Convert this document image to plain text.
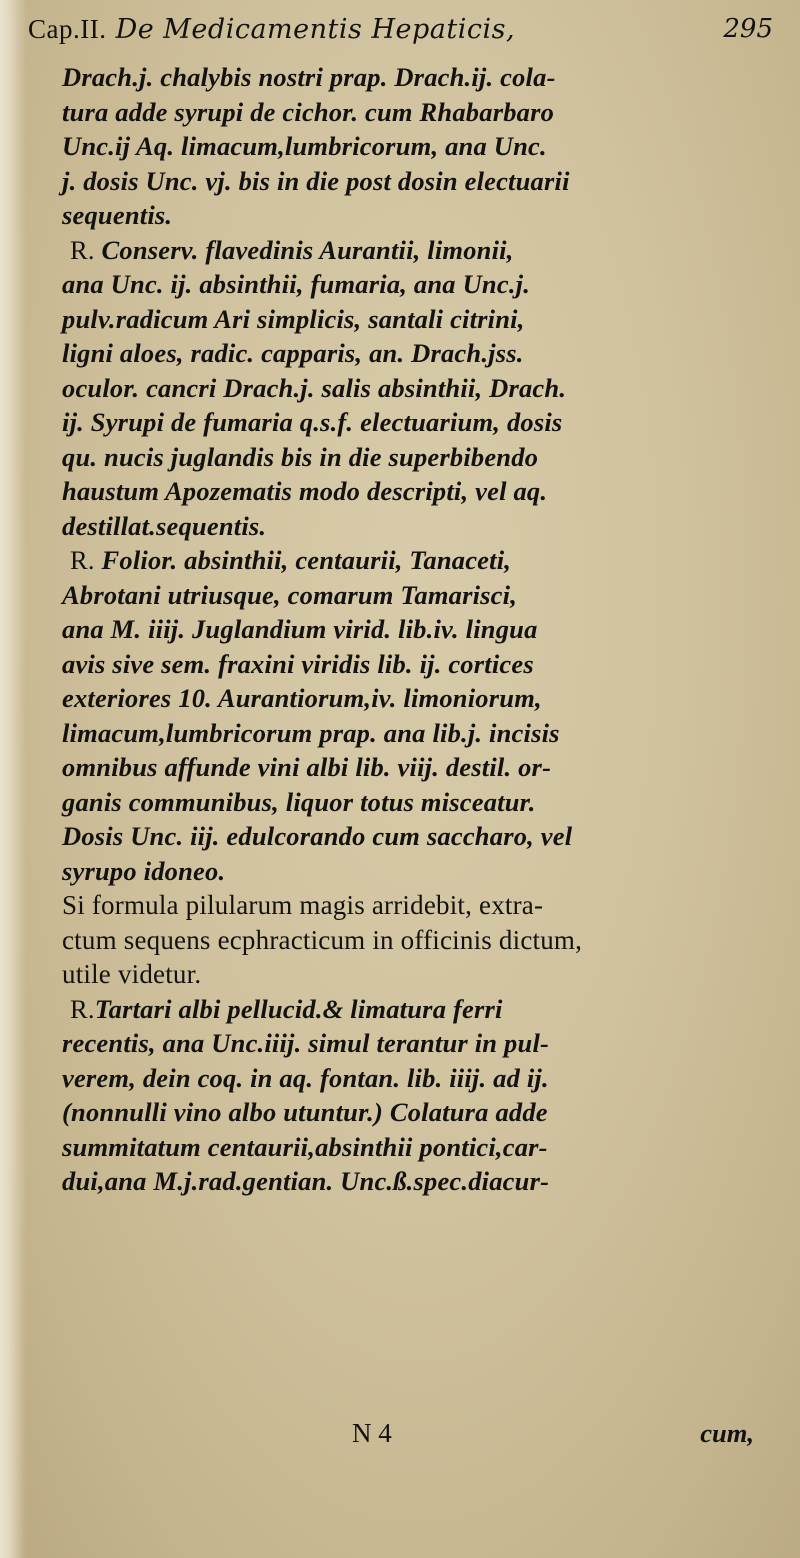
Cap.II. De Medicamentis Hepaticis,	295
Drach.j. chalybis nostri prap. Drach.ij. cola-
tura adde syrupi de cichor. cum Rhabarbaro
Unc.ij Aq. limacum,lumbricorum, ana Unc.
j. dosis Unc. vj. bis in die post dosin electuarii
sequentis.
R. Conserv. flavedinis Aurantii, limonii,
ana Unc. ij. absinthii, fumaria, ana Unc.j.
pulv.radicum Ari simplicis, santali citrini,
ligni aloes, radic. capparis, an. Drach.jss.
oculor. cancri Drach.j. salis absinthii, Drach.
ij. Syrupi de fumaria q.s.f. electuarium, dosis
qu. nucis juglandis bis in die superbibendo
haustum Apozematis modo descripti, vel aq.
destillat.sequentis.
R. Folior. absinthii, centaurii, Tanaceti,
Abrotani utriusque, comarum Tamarisci,
ana M. iiij. Juglandium virid. lib.iv. lingua
avis sive sem. fraxini viridis lib. ij. cortices
exteriores 10. Aurantiorum,iv. limoniorum,
limacum,lumbricorum prap. ana lib.j. incisis
omnibus affunde vini albi lib. viij. destil. or-
ganis communibus, liquor totus misceatur.
Dosis Unc. iij. edulcorando cum saccharo, vel
syrupo idoneo.
Si formula pilularum magis arridebit, extra-
ctum sequens ecphracticum in officinis dictum,
utile videtur.
R.Tartari albi pellucid.& limatura ferri
recentis, ana Unc.iiij. simul terantur in pul-
verem, dein coq. in aq. fontan. lib. iiij. ad ij.
(nonnulli vino albo utuntur.) Colatura adde
summitatum centaurii,absinthii pontici,car-
dui,ana M.j.rad.gentian. Unc.ß.spec.diacur-
N 4	cum,
